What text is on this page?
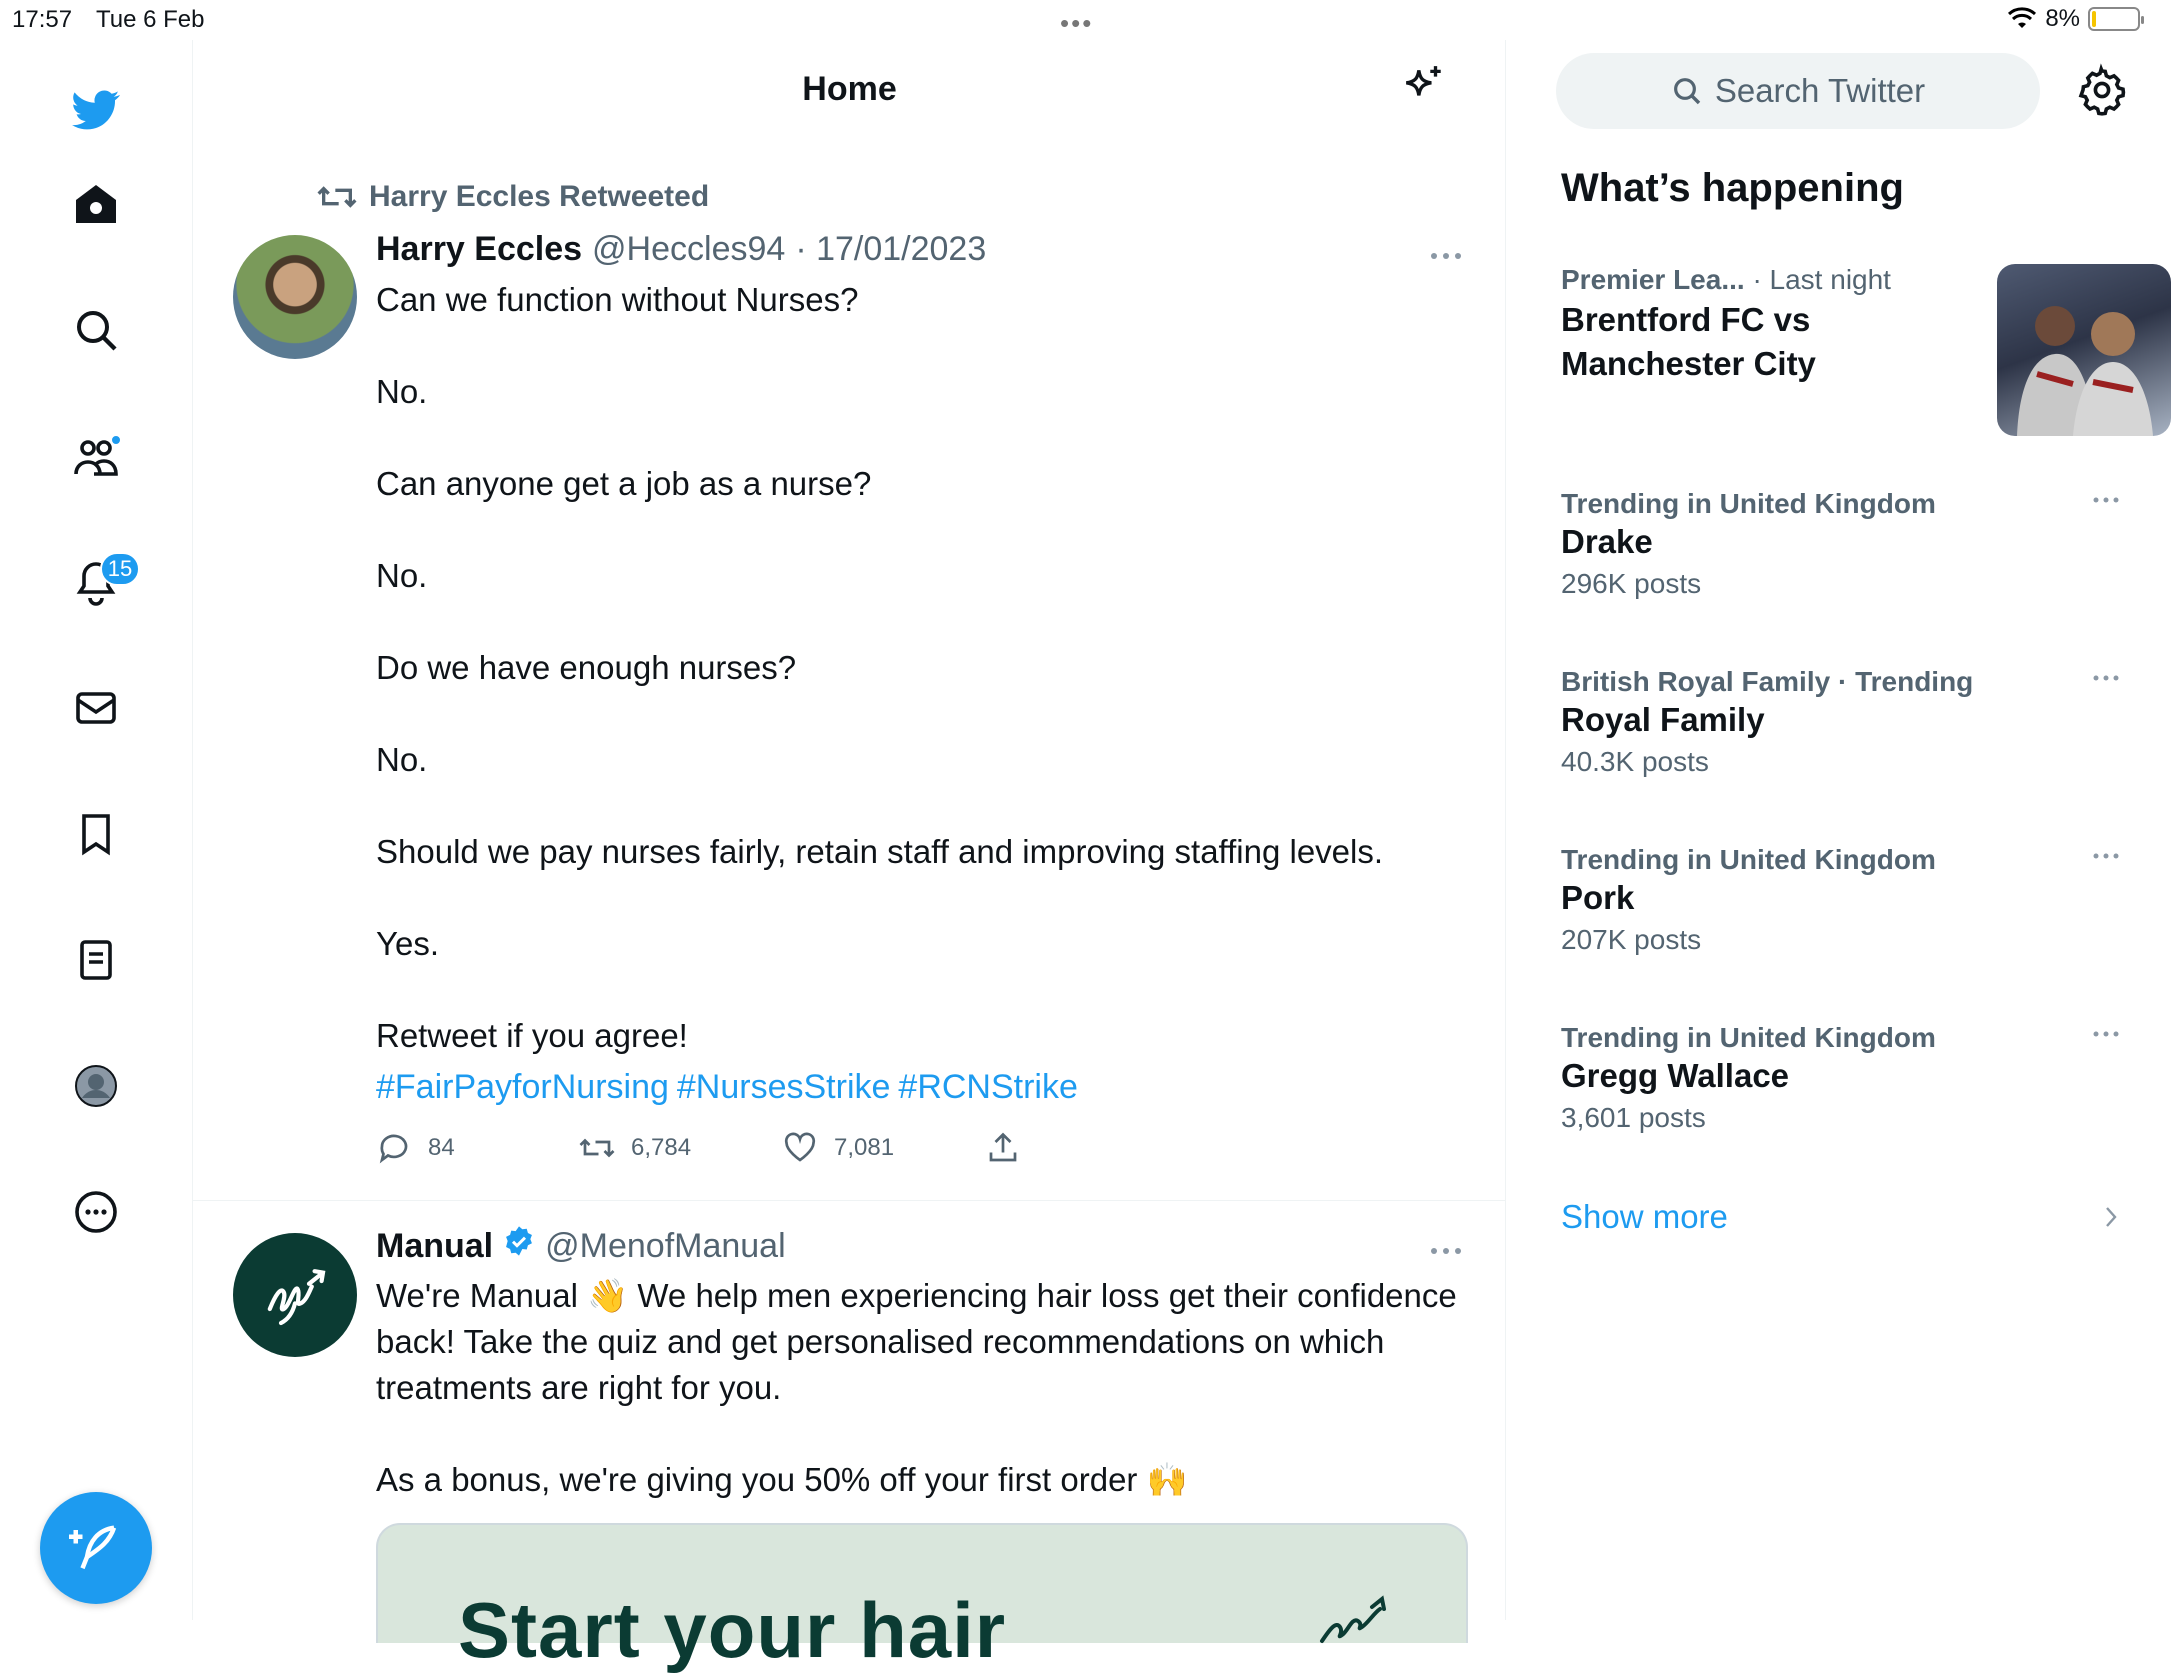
17:57 Tue 6 Feb	•••	8%
15
Home
Harry Eccles Retweeted
Harry Eccles @Heccles94 · 17/01/2023
Can we function without Nurses?

No.

Can anyone get a job as a nurse?

No.

Do we have enough nurses?

No.

Should we pay nurses fairly, retain staff and improving staffing levels.

Yes.

Retweet if you agree!
#FairPayforNursing #NursesStrike #RCNStrike
84	6,784	7,081
Manual @MenofManual
We're Manual 👋 We help men experiencing hair loss get their confidence back! Take the quiz and get personalised recommendations on which treatments are right for you.

As a bonus, we're giving you 50% off your first order 🙌
Start your hair
Search Twitter
What’s happening
Premier Lea... · Last night
Brentford FC vs Manchester City
Trending in United Kingdom
Drake
296K posts
British Royal Family · Trending
Royal Family
40.3K posts
Trending in United Kingdom
Pork
207K posts
Trending in United Kingdom
Gregg Wallace
3,601 posts
Show more
